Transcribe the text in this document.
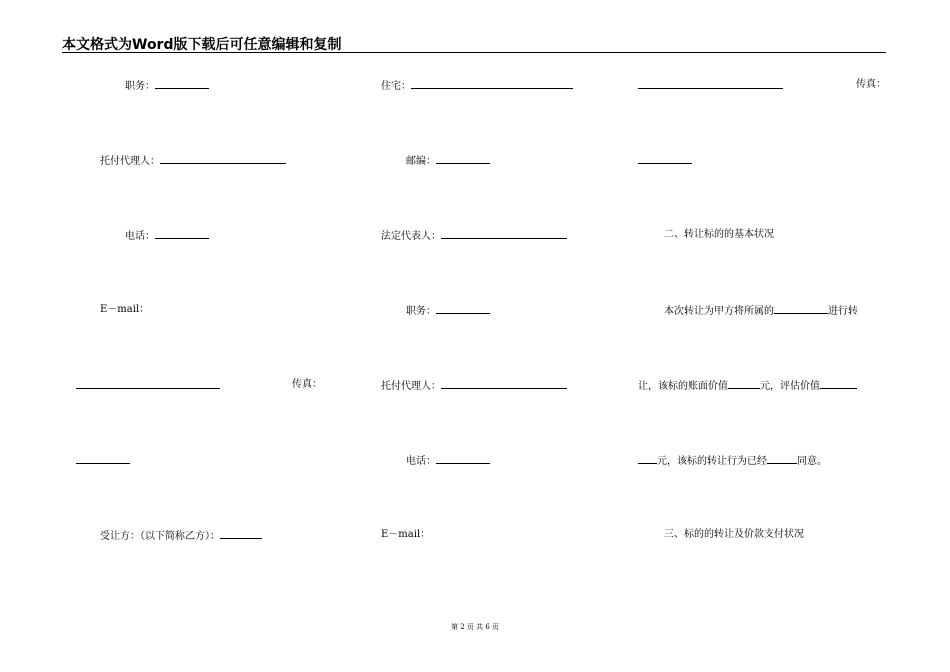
本文格式为Word版下载后可任意编辑和复制
职务：
托付代理人：
电话：
E－mail：
传真：
受让方：（以下简称乙方）：
住宅：
邮编：
法定代表人：
职务：
托付代理人：
电话：
E－mail：
传真：
二、转让标的的基本状况
本次转让为甲方将所属的	进行转
让，该标的账面价值	元，评估价值
元，该标的转让行为已经	同意。
三、标的的转让及价款支付状况
第 2 页 共 6 页
